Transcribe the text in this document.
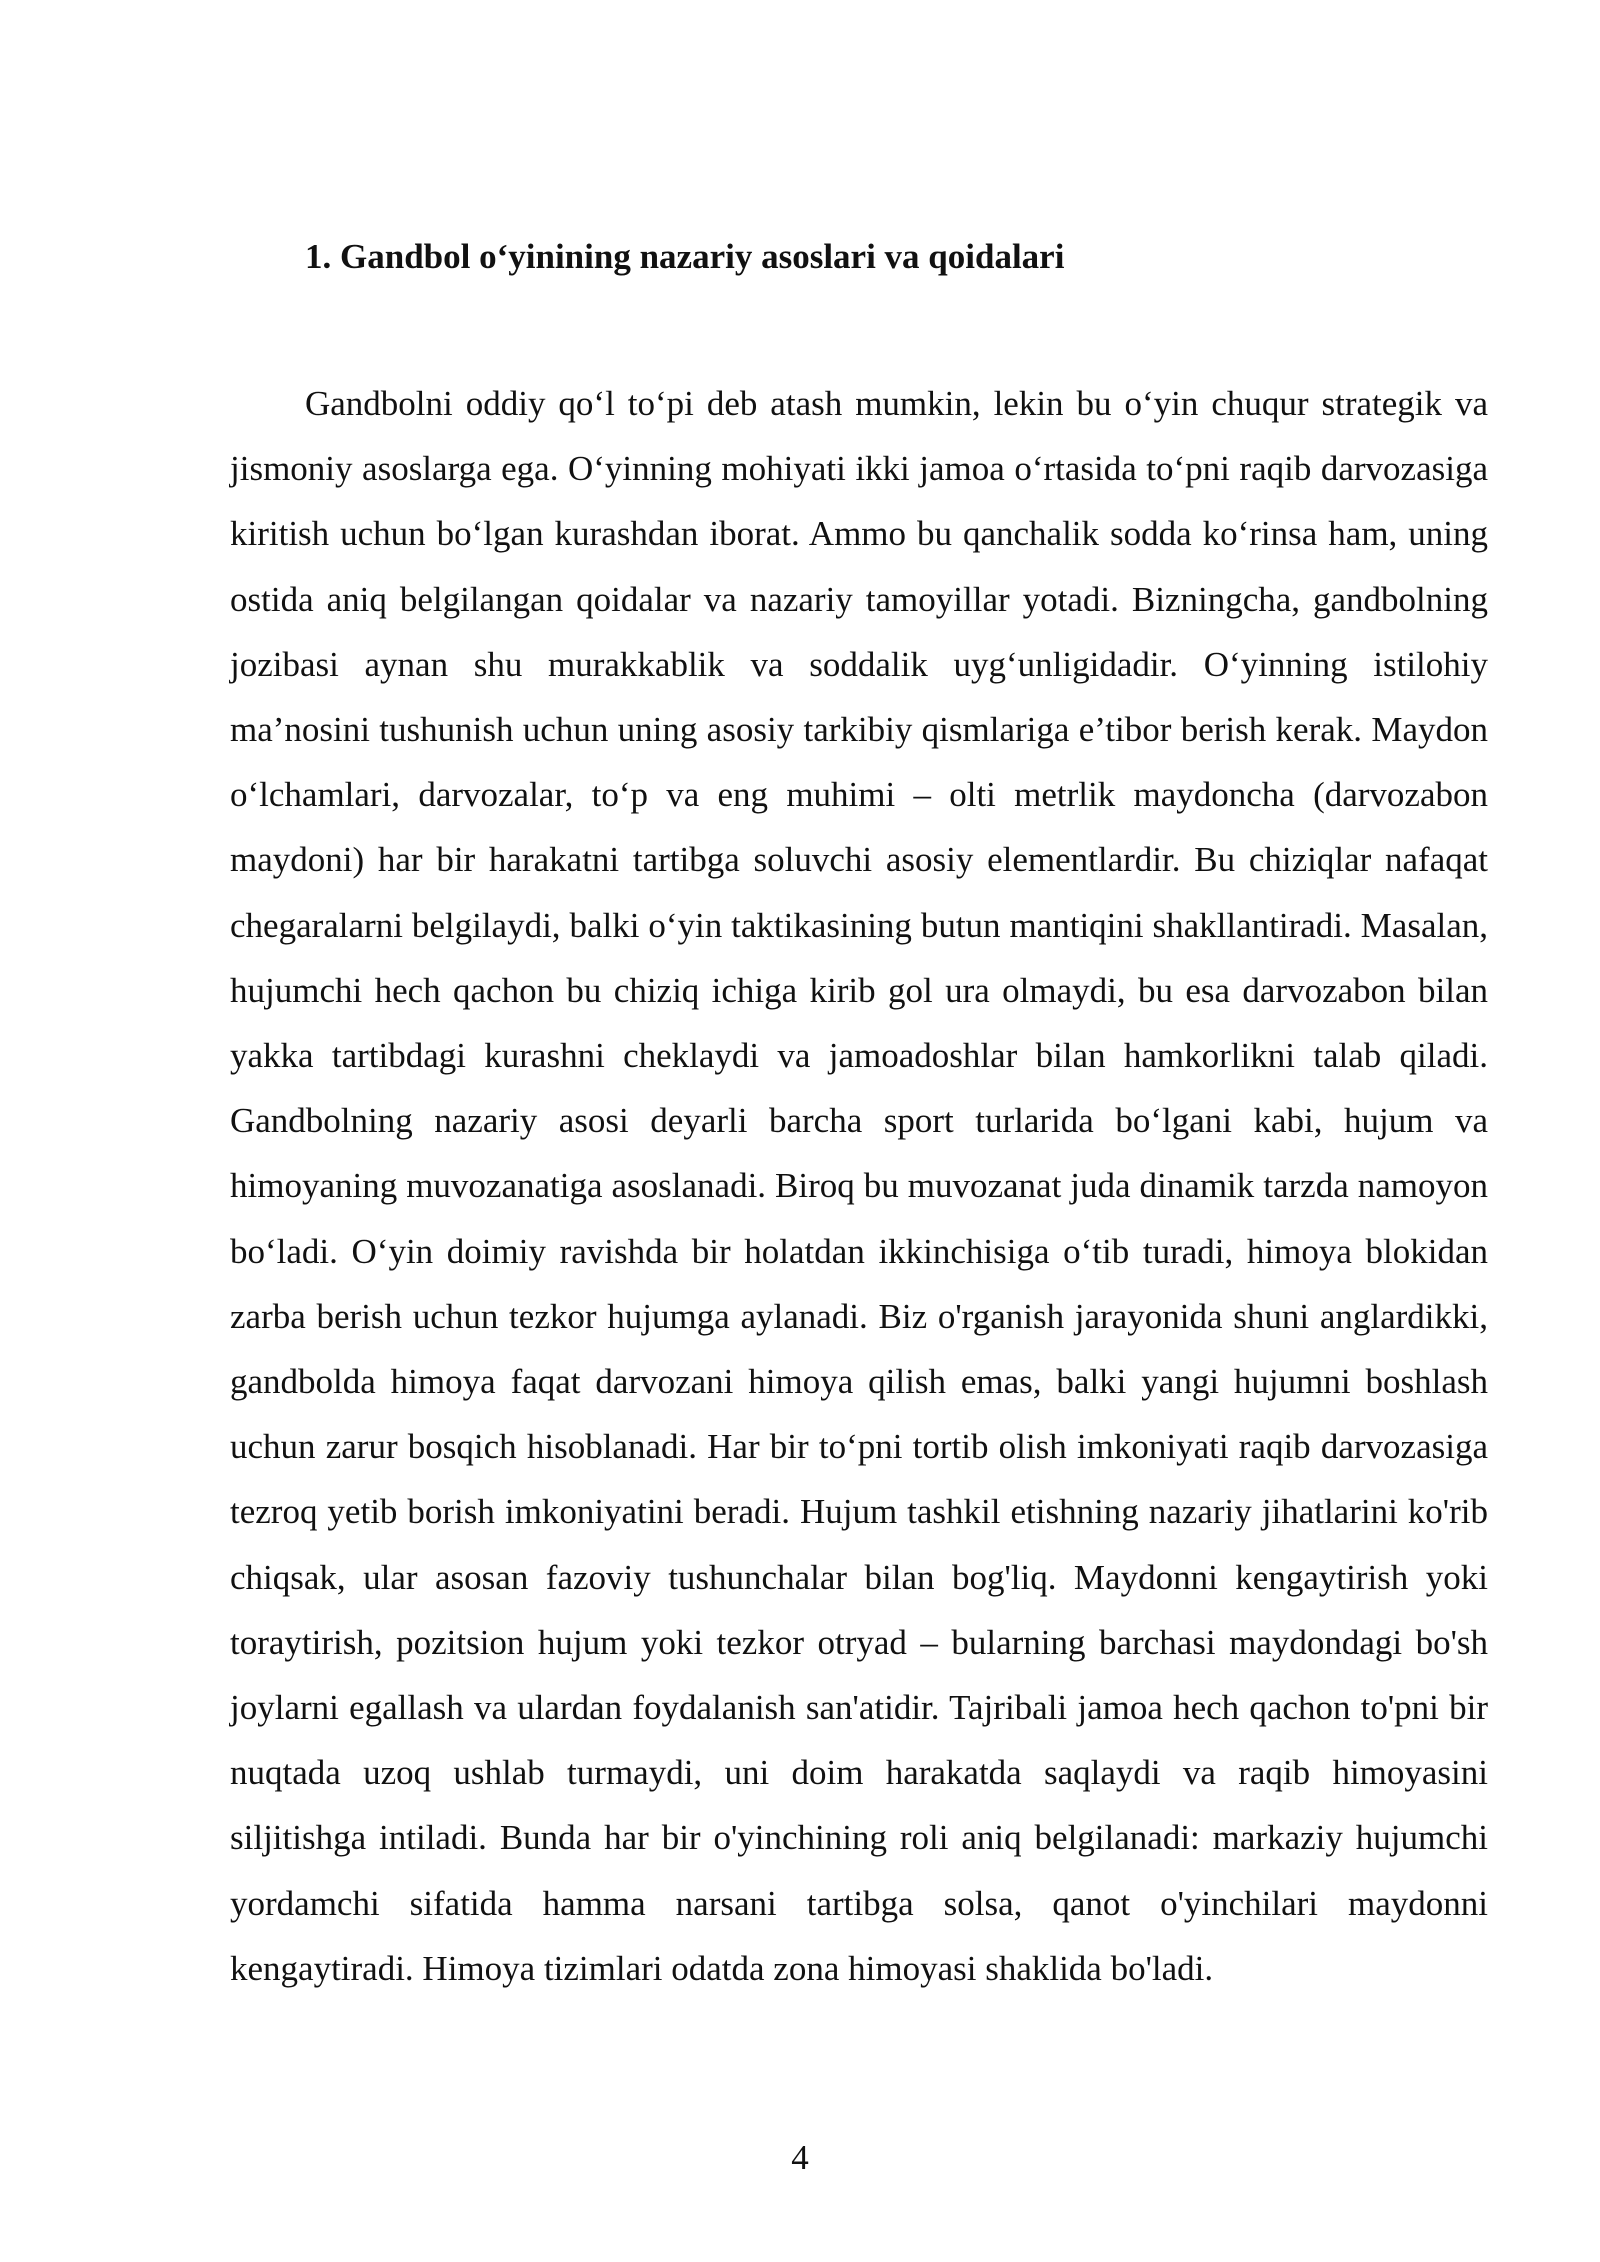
1. Gandbol o‘yinining nazariy asoslari va qoidalari

Gandbolni oddiy qo‘l to‘pi deb atash mumkin, lekin bu o‘yin chuqur strategik va jismoniy asoslarga ega. O‘yinning mohiyati ikki jamoa o‘rtasida to‘pni raqib darvozasiga kiritish uchun bo‘lgan kurashdan iborat. Ammo bu qanchalik sodda ko‘rinsa ham, uning ostida aniq belgilangan qoidalar va nazariy tamoyillar yotadi. Bizningcha, gandbolning jozibasi aynan shu murakkablik va soddalik uyg‘unligidadir. O‘yinning istilohiy ma’nosini tushunish uchun uning asosiy tarkibiy qismlariga e’tibor berish kerak. Maydon o‘lchamlari, darvozalar, to‘p va eng muhimi – olti metrlik maydoncha (darvozabon maydoni) har bir harakatni tartibga soluvchi asosiy elementlardir. Bu chiziqlar nafaqat chegaralarni belgilaydi, balki o‘yin taktikasining butun mantiqini shakllantiradi. Masalan, hujumchi hech qachon bu chiziq ichiga kirib gol ura olmaydi, bu esa darvozabon bilan yakka tartibdagi kurashni cheklaydi va jamoadoshlar bilan hamkorlikni talab qiladi. Gandbolning nazariy asosi deyarli barcha sport turlarida bo‘lgani kabi, hujum va himoyaning muvozanatiga asoslanadi. Biroq bu muvozanat juda dinamik tarzda namoyon bo‘ladi. O‘yin doimiy ravishda bir holatdan ikkinchisiga o‘tib turadi, himoya blokidan zarba berish uchun tezkor hujumga aylanadi. Biz o'rganish jarayonida shuni anglardikki, gandbolda himoya faqat darvozani himoya qilish emas, balki yangi hujumni boshlash uchun zarur bosqich hisoblanadi. Har bir to‘pni tortib olish imkoniyati raqib darvozasiga tezroq yetib borish imkoniyatini beradi. Hujum tashkil etishning nazariy jihatlarini ko'rib chiqsak, ular asosan fazoviy tushunchalar bilan bog'liq. Maydonni kengaytirish yoki toraytirish, pozitsion hujum yoki tezkor otryad – bularning barchasi maydondagi bo'sh joylarni egallash va ulardan foydalanish san'atidir. Tajribali jamoa hech qachon to'pni bir nuqtada uzoq ushlab turmaydi, uni doim harakatda saqlaydi va raqib himoyasini siljitishga intiladi. Bunda har bir o'yinchining roli aniq belgilanadi: markaziy hujumchi yordamchi sifatida hamma narsani tartibga solsa, qanot o'yinchilari maydonni kengaytiradi. Himoya tizimlari odatda zona himoyasi shaklida bo'ladi.

4
